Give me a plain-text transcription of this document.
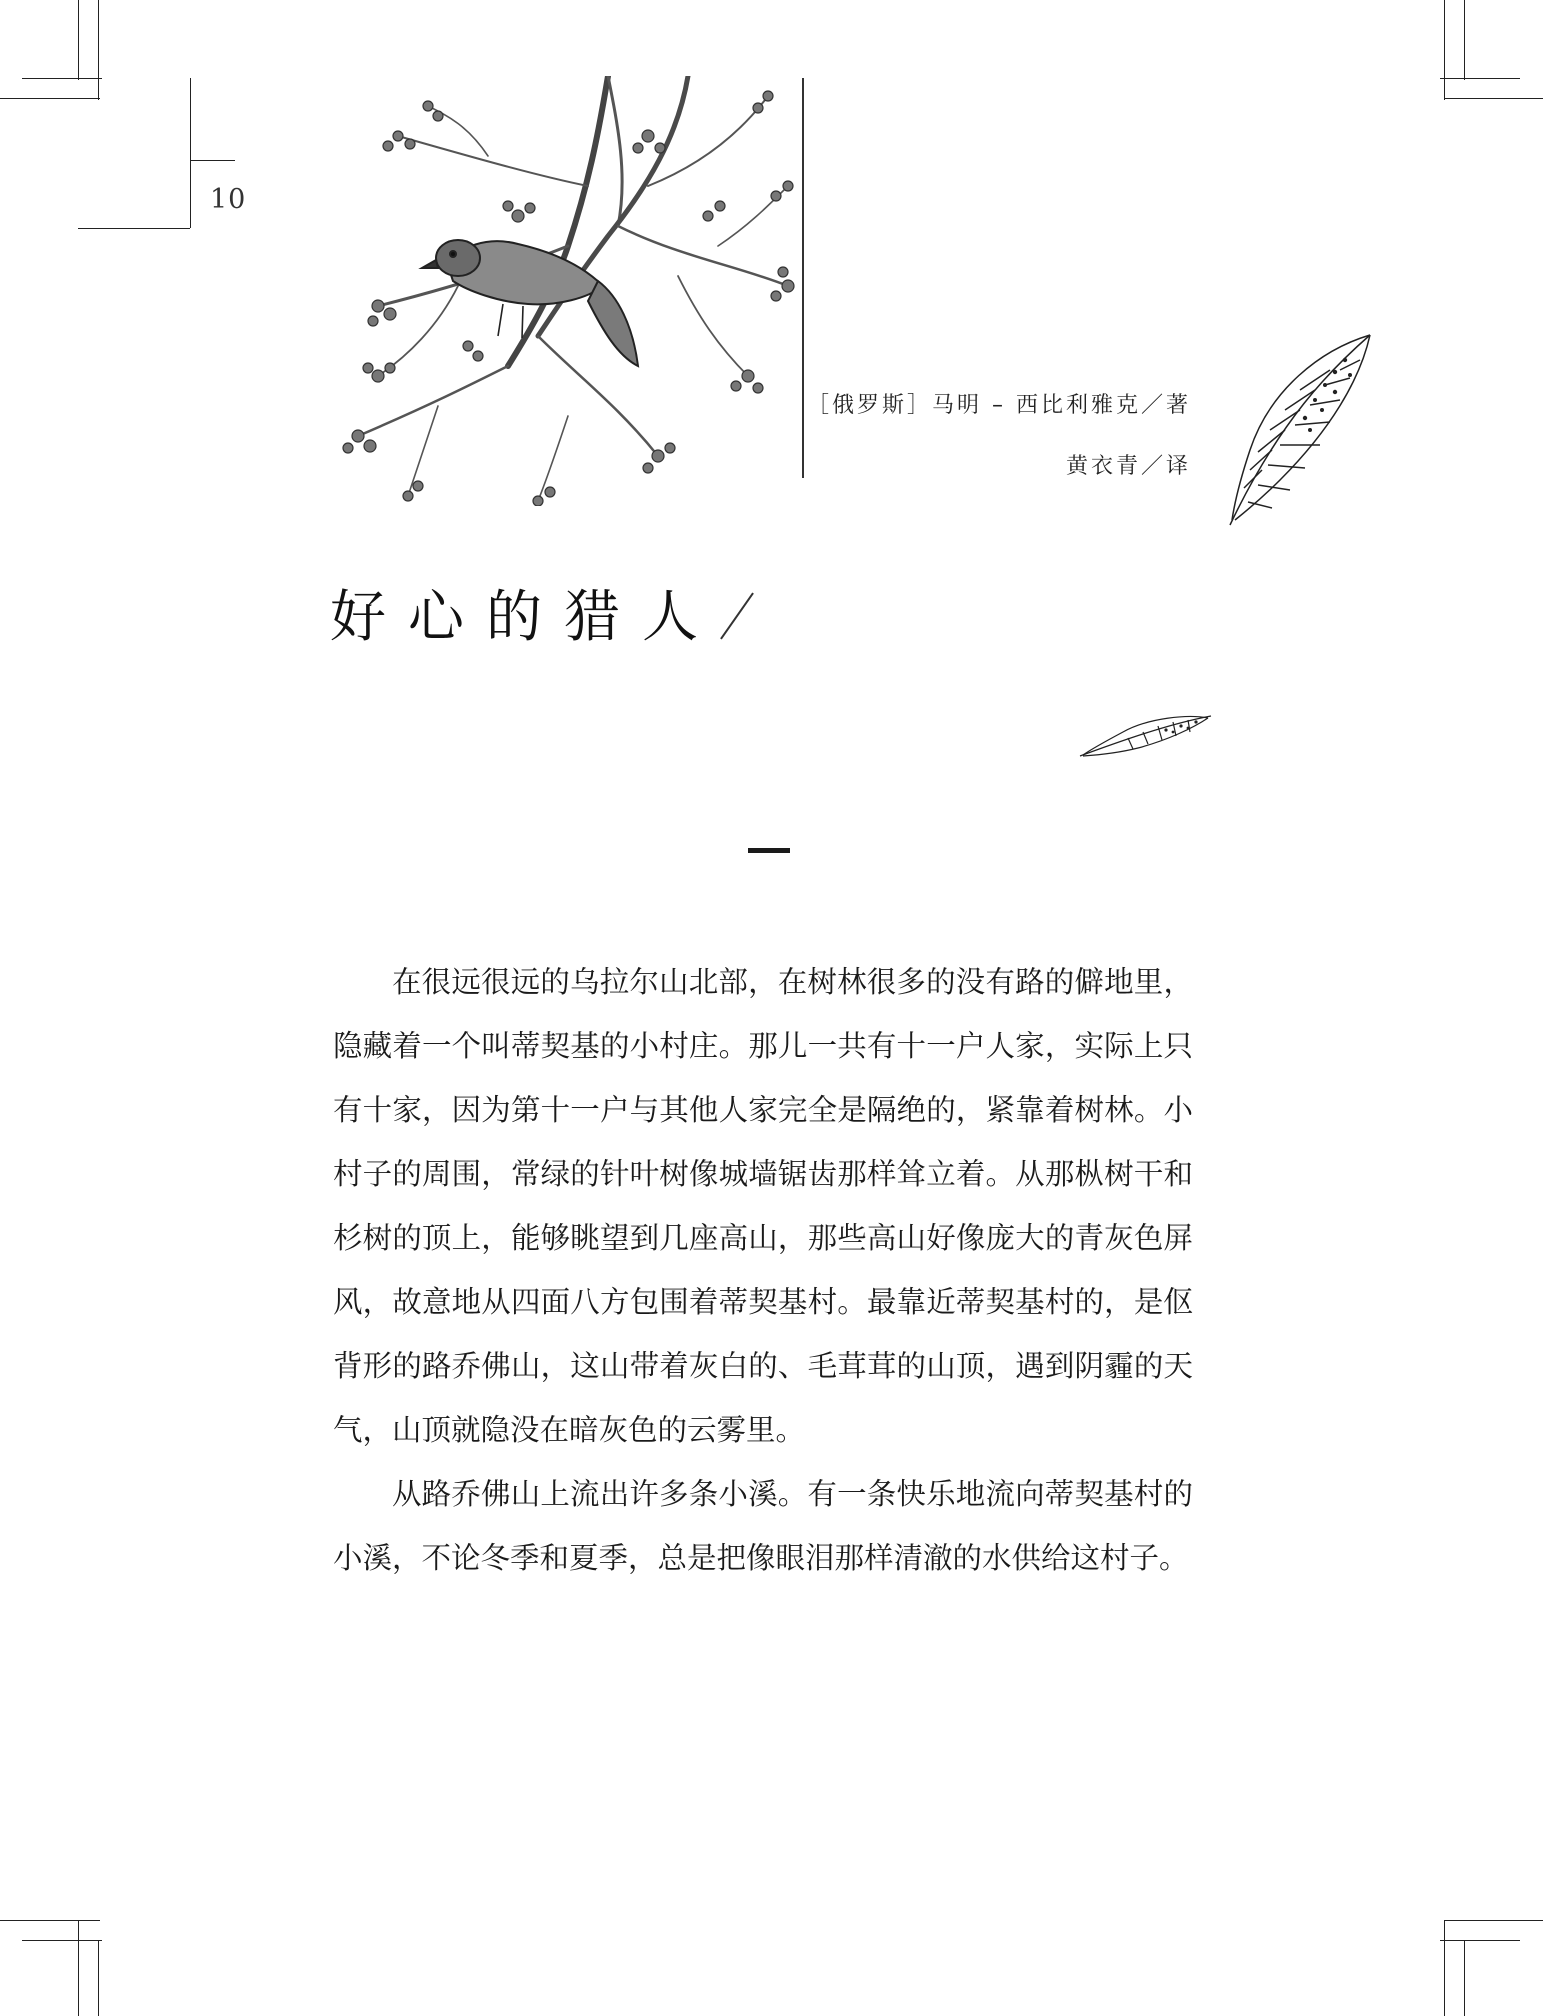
10
［俄罗斯］马明 – 西比利雅克／著
黄衣青／译
好心的猎人

在很远很远的乌拉尔山北部，在树林很多的没有路的僻地里，隐藏着一个叫蒂契基的小村庄。那儿一共有十一户人家，实际上只有十家，因为第十一户与其他人家完全是隔绝的，紧靠着树林。小村子的周围，常绿的针叶树像城墙锯齿那样耸立着。从那枞树干和杉树的顶上，能够眺望到几座高山，那些高山好像庞大的青灰色屏风，故意地从四面八方包围着蒂契基村。最靠近蒂契基村的，是伛背形的路乔佛山，这山带着灰白的、毛茸茸的山顶，遇到阴霾的天气，山顶就隐没在暗灰色的云雾里。

从路乔佛山上流出许多条小溪。有一条快乐地流向蒂契基村的小溪，不论冬季和夏季，总是把像眼泪那样清澈的水供给这村子。
